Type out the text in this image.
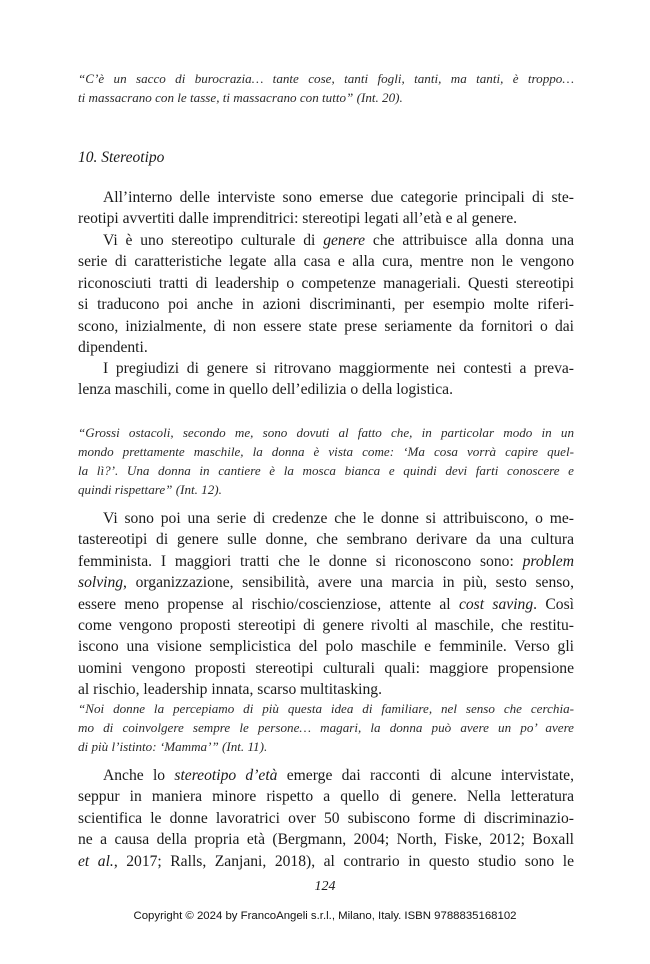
“C’è un sacco di burocrazia… tante cose, tanti fogli, tanti, ma tanti, è troppo…
ti massacrano con le tasse, ti massacrano con tutto” (Int. 20).
10. Stereotipo
All’interno delle interviste sono emerse due categorie principali di ste-
reotipi avvertiti dalle imprenditrici: stereotipi legati all’età e al genere.
Vi è uno stereotipo culturale di genere che attribuisce alla donna una
serie di caratteristiche legate alla casa e alla cura, mentre non le vengono
riconosciuti tratti di leadership o competenze manageriali. Questi stereotipi
si traducono poi anche in azioni discriminanti, per esempio molte riferi-
scono, inizialmente, di non essere state prese seriamente da fornitori o dai
dipendenti.
I pregiudizi di genere si ritrovano maggiormente nei contesti a preva-
lenza maschili, come in quello dell’edilizia o della logistica.
“Grossi ostacoli, secondo me, sono dovuti al fatto che, in particolar modo in un
mondo prettamente maschile, la donna è vista come: ‘Ma cosa vorrà capire quel-
la lì?’. Una donna in cantiere è la mosca bianca e quindi devi farti conoscere e
quindi rispettare” (Int. 12).
Vi sono poi una serie di credenze che le donne si attribuiscono, o me-
tastereotipi di genere sulle donne, che sembrano derivare da una cultura
femminista. I maggiori tratti che le donne si riconoscono sono: problem
solving, organizzazione, sensibilità, avere una marcia in più, sesto senso,
essere meno propense al rischio/coscienziose, attente al cost saving. Così
come vengono proposti stereotipi di genere rivolti al maschile, che restitu-
iscono una visione semplicistica del polo maschile e femminile. Verso gli
uomini vengono proposti stereotipi culturali quali: maggiore propensione
al rischio, leadership innata, scarso multitasking.
“Noi donne la percepiamo di più questa idea di familiare, nel senso che cerchia-
mo di coinvolgere sempre le persone… magari, la donna può avere un po’ avere
di più l’istinto: ‘Mamma’” (Int. 11).
Anche lo stereotipo d’età emerge dai racconti di alcune intervistate,
seppur in maniera minore rispetto a quello di genere. Nella letteratura
scientifica le donne lavoratrici over 50 subiscono forme di discriminazio-
ne a causa della propria età (Bergmann, 2004; North, Fiske, 2012; Boxall
et al., 2017; Ralls, Zanjani, 2018), al contrario in questo studio sono le
124
Copyright © 2024 by FrancoAngeli s.r.l., Milano, Italy. ISBN 9788835168102
